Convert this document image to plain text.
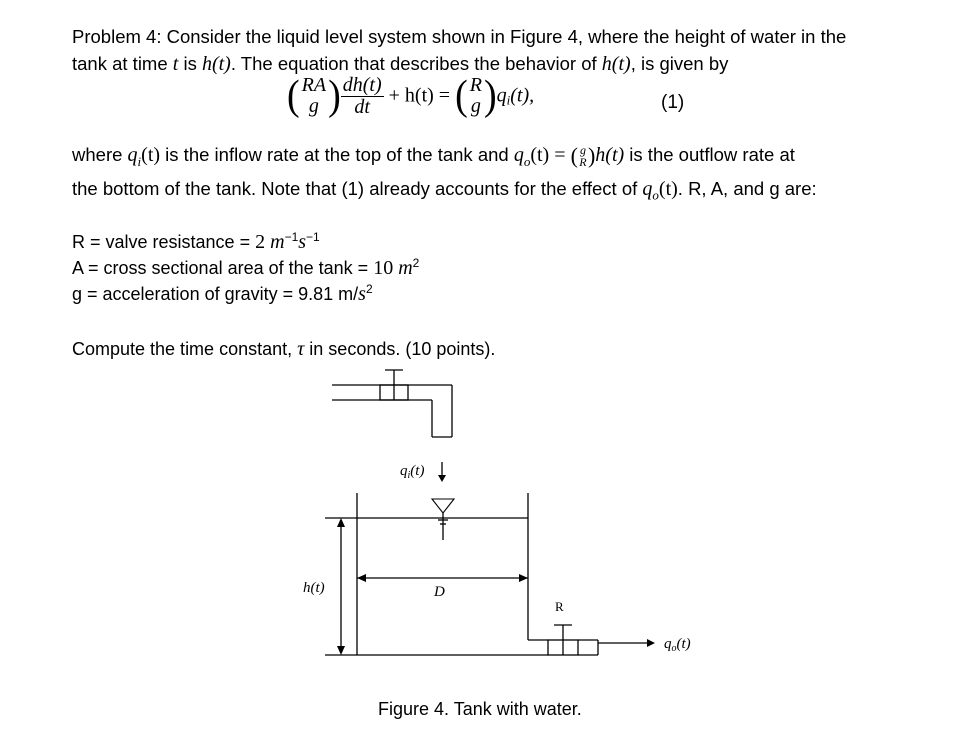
Problem 4: Consider the liquid level system shown in Figure 4, where the height of water in the
tank at time t is h(t). The equation that describes the behavior of h(t), is given by
( RA
g ) $\frac{dh(t)}{dt} + h(t)$ = ( R
g )$q_i(t)$,	(1)
where $q_i(t)$ is the inflow rate at the top of the tank and $q_o(t)$ = ( g
R )h(t) is the outflow rate at
the bottom of the tank. Note that (1) already accounts for the effect of $q_o(t)$. R, A, and g are:
R = valve resistance = 2 $m^{-1}s^{-1}$
A = cross sectional area of the tank = 10 $m^2$
g = acceleration of gravity = 9.81 $m/s^2$
Compute the time constant, τ in seconds. (10 points).
$q_i(t)$
h(t)	D
R
$q_o(t)$
Figure 4. Tank with water.
